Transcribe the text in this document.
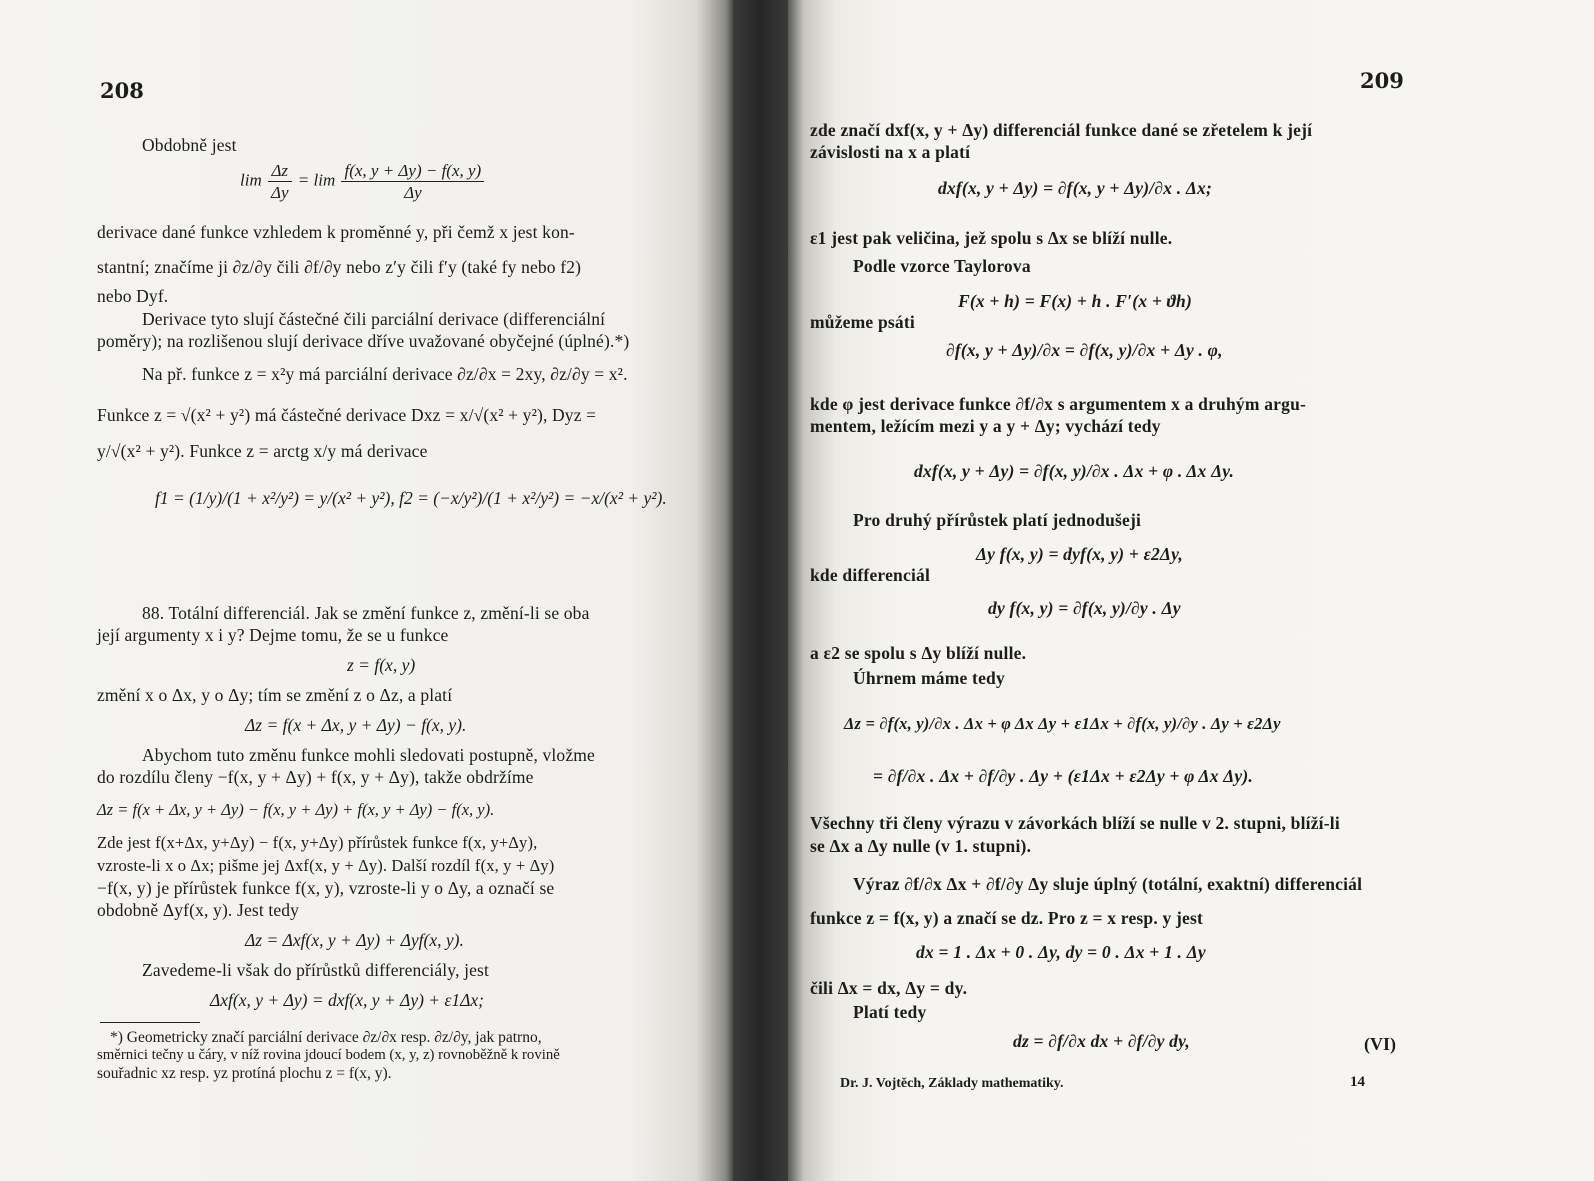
208
Obdobně jest
$\lim \frac{\Delta z}{\Delta y} = \lim \frac{f(x, y + \Delta y) - f(x, y)}{\Delta y}$
derivace dané funkce vzhledem k proměnné y, při čemž x jest kon-
stantní; značíme ji ∂z/∂y čili ∂f/∂y nebo z′y čili f′y (také fy nebo f2)
nebo Dyf.
Derivace tyto slují částečné čili parciální derivace (differenciální
poměry); na rozlišenou slují derivace dříve uvažované obyčejné (úplné).*)
Na př. funkce z = x²y má parciální derivace ∂z/∂x = 2xy, ∂z/∂y = x².
Funkce z = √(x² + y²) má částečné derivace Dxz = x/√(x² + y²), Dyz =
y/√(x² + y²). Funkce z = arctg x/y má derivace
f1 = (1/y)/(1 + x²/y²) = y/(x² + y²), f2 = (−x/y²)/(1 + x²/y²) = −x/(x² + y²).
88. Totální differenciál. Jak se změní funkce z, změní-li se oba
její argumenty x i y? Dejme tomu, že se u funkce
z = f(x, y)
změní x o Δx, y o Δy; tím se změní z o Δz, a platí
Δz = f(x + Δx, y + Δy) − f(x, y).
Abychom tuto změnu funkce mohli sledovati postupně, vložme
do rozdílu členy −f(x, y + Δy) + f(x, y + Δy), takže obdržíme
Δz = f(x + Δx, y + Δy) − f(x, y + Δy) + f(x, y + Δy) − f(x, y).
Zde jest f(x+Δx, y+Δy) − f(x, y+Δy) přírůstek funkce f(x, y+Δy),
vzroste-li x o Δx; pišme jej Δxf(x, y + Δy). Další rozdíl f(x, y + Δy)
−f(x, y) je přírůstek funkce f(x, y), vzroste-li y o Δy, a označí se
obdobně Δyf(x, y). Jest tedy
Δz = Δxf(x, y + Δy) + Δyf(x, y).
Zavedeme-li však do přírůstků differenciály, jest
Δxf(x, y + Δy) = dxf(x, y + Δy) + ε1Δx;
*) Geometricky značí parciální derivace ∂z/∂x resp. ∂z/∂y, jak patrno,
směrnici tečny u čáry, v níž rovina jdoucí bodem (x, y, z) rovnoběžně k rovině
souřadnic xz resp. yz protíná plochu z = f(x, y).
209
zde značí dxf(x, y + Δy) differenciál funkce dané se zřetelem k její
závislosti na x a platí
dxf(x, y + Δy) = ∂f(x, y + Δy)/∂x . Δx;
ε1 jest pak veličina, jež spolu s Δx se blíží nulle.
Podle vzorce Taylorova
F(x + h) = F(x) + h . F′(x + ϑh)
můžeme psáti
∂f(x, y + Δy)/∂x = ∂f(x, y)/∂x + Δy . φ,
kde φ jest derivace funkce ∂f/∂x s argumentem x a druhým argu-
mentem, ležícím mezi y a y + Δy; vychází tedy
dxf(x, y + Δy) = ∂f(x, y)/∂x . Δx + φ . Δx Δy.
Pro druhý přírůstek platí jednodušeji
Δy f(x, y) = dyf(x, y) + ε2Δy,
kde differenciál
dy f(x, y) = ∂f(x, y)/∂y . Δy
a ε2 se spolu s Δy blíží nulle.
Úhrnem máme tedy
Δz = ∂f(x, y)/∂x . Δx + φ Δx Δy + ε1Δx + ∂f(x, y)/∂y . Δy + ε2Δy
= ∂f/∂x . Δx + ∂f/∂y . Δy + (ε1Δx + ε2Δy + φ Δx Δy).
Všechny tři členy výrazu v závorkách blíží se nulle v 2. stupni, blíží-li
se Δx a Δy nulle (v 1. stupni).
Výraz ∂f/∂x Δx + ∂f/∂y Δy sluje úplný (totální, exaktní) differenciál
funkce z = f(x, y) a značí se dz. Pro z = x resp. y jest
dx = 1 . Δx + 0 . Δy, dy = 0 . Δx + 1 . Δy
čili Δx = dx, Δy = dy.
Platí tedy
dz = ∂f/∂x dx + ∂f/∂y dy,	(VI)
Dr. J. Vojtěch, Základy mathematiky.	14
